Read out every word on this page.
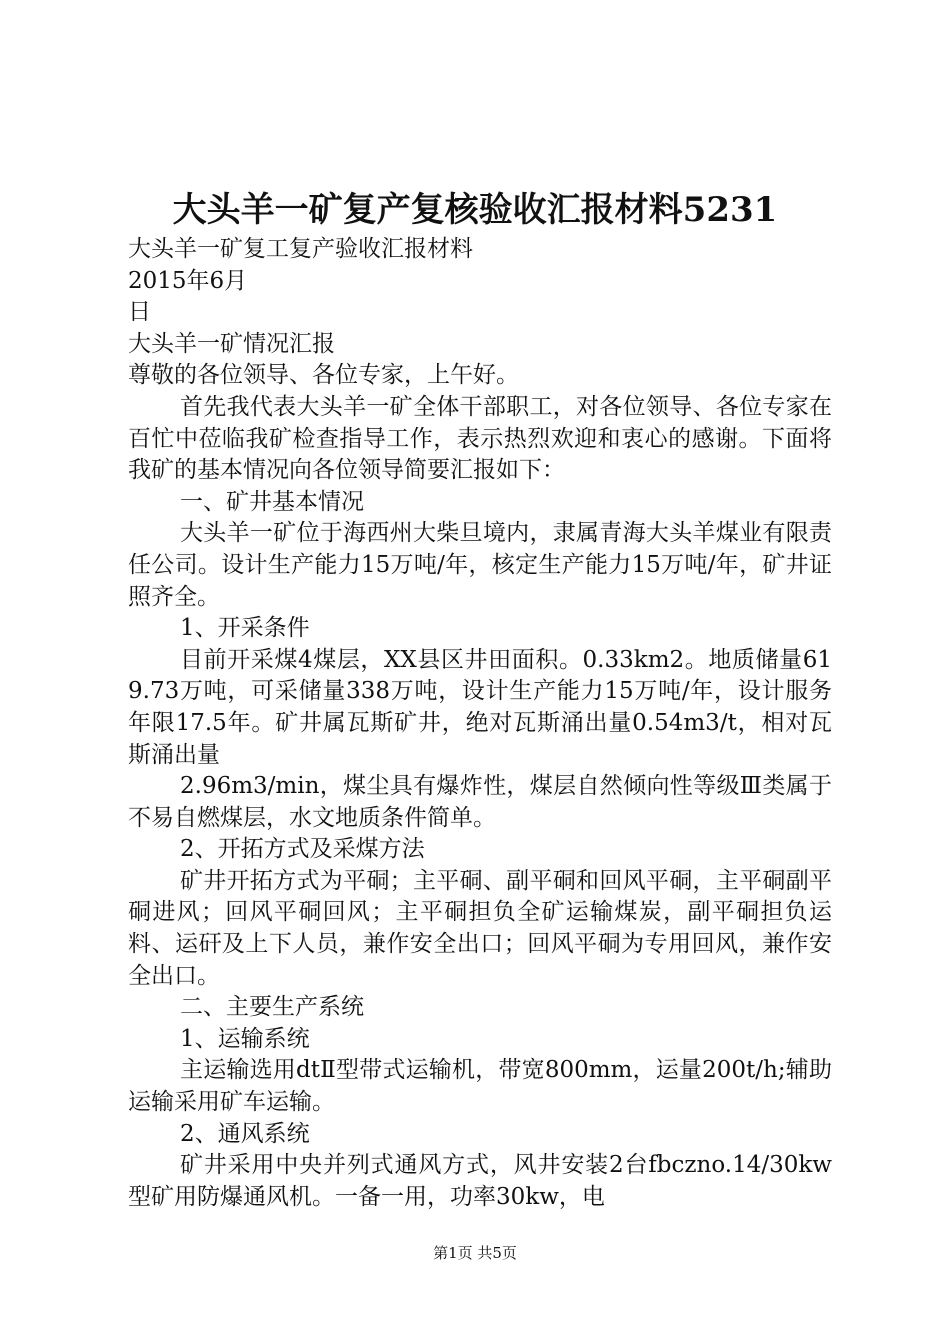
大头羊一矿复产复核验收汇报材料5231

大头羊一矿复工复产验收汇报材料

2015年6月

日

大头羊一矿情况汇报

尊敬的各位领导、各位专家，上午好。

首先我代表大头羊一矿全体干部职工，对各位领导、各位专家在百忙中莅临我矿检查指导工作，表示热烈欢迎和衷心的感谢。下面将我矿的基本情况向各位领导简要汇报如下：

一、矿井基本情况

大头羊一矿位于海西州大柴旦境内，隶属青海大头羊煤业有限责任公司。设计生产能力15万吨/年，核定生产能力15万吨/年，矿井证照齐全。

1、开采条件

目前开采煤4煤层，XX县区井田面积。0.33km2。地质储量619.73万吨，可采储量338万吨，设计生产能力15万吨/年，设计服务年限17.5年。矿井属瓦斯矿井，绝对瓦斯涌出量0.54m3/t，相对瓦斯涌出量

2.96m3/min，煤尘具有爆炸性，煤层自然倾向性等级Ⅲ类属于不易自燃煤层，水文地质条件简单。

2、开拓方式及采煤方法

矿井开拓方式为平硐；主平硐、副平硐和回风平硐，主平硐副平硐进风；回风平硐回风；主平硐担负全矿运输煤炭，副平硐担负运料、运矸及上下人员，兼作安全出口；回风平硐为专用回风，兼作安全出口。

二、主要生产系统

1、运输系统

主运输选用dtⅡ型带式运输机，带宽800mm，运量200t/h;辅助运输采用矿车运输。

2、通风系统

矿井采用中央并列式通风方式，风井安装2台fbczno.14/30kw型矿用防爆通风机。一备一用，功率30kw，电

第1页 共5页
